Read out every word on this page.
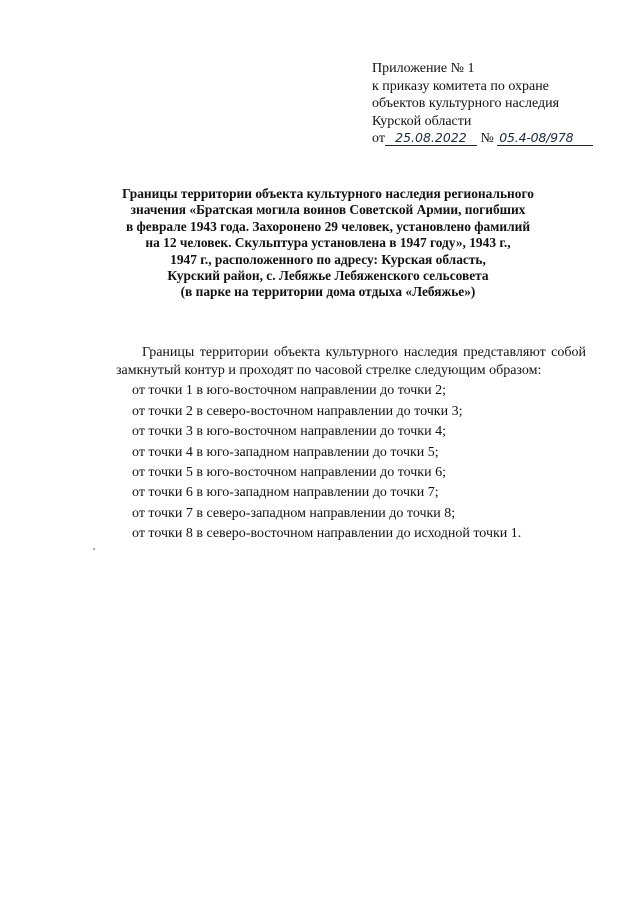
Приложение № 1
к приказу комитета по охране
объектов культурного наследия
Курской области
от 25.08.2022 № 05.4-08/978
Границы территории объекта культурного наследия регионального
значения «Братская могила воинов Советской Армии, погибших
в феврале 1943 года. Захоронено 29 человек, установлено фамилий
на 12 человек. Скульптура установлена в 1947 году», 1943 г.,
1947 г., расположенного по адресу: Курская область,
Курский район, с. Лебяжье Лебяженского сельсовета
(в парке на территории дома отдыха «Лебяжье»)

Границы территории объекта культурного наследия представляют собой замкнутый контур и проходят по часовой стрелке следующим образом:

от точки 1 в юго-восточном направлении до точки 2;
от точки 2 в северо-восточном направлении до точки 3;
от точки 3 в юго-восточном направлении до точки 4;
от точки 4 в юго-западном направлении до точки 5;
от точки 5 в юго-восточном направлении до точки 6;
от точки 6 в юго-западном направлении до точки 7;
от точки 7 в северо-западном направлении до точки 8;
от точки 8 в северо-восточном направлении до исходной точки 1.
